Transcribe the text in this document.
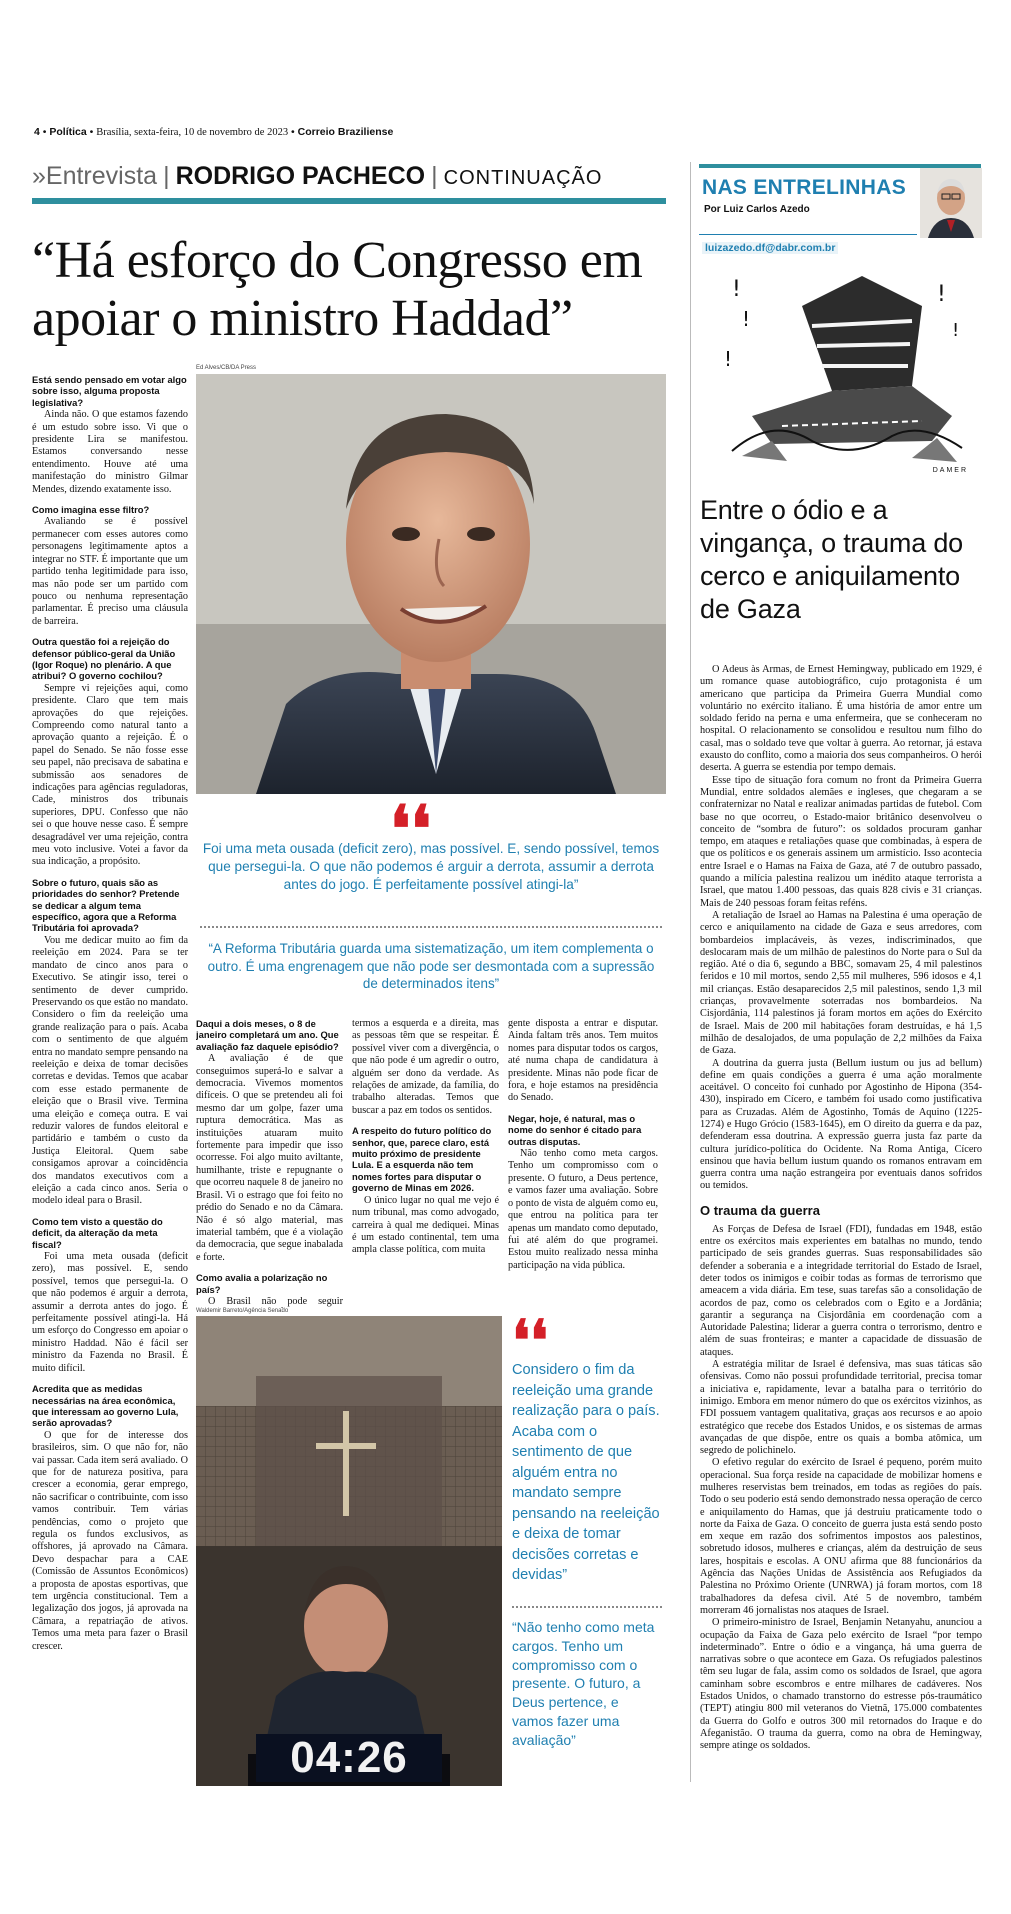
4 • Política • Brasília, sexta-feira, 10 de novembro de 2023 • Correio Braziliense
»Entrevista | RODRIGO PACHECO | CONTINUAÇÃO
“Há esforço do Congresso em apoiar o ministro Haddad”
Está sendo pensado em votar algo sobre isso, alguma proposta legislativa?

Ainda não. O que estamos fazendo é um estudo sobre isso. Vi que o presidente Lira se manifestou. Estamos conversando nesse entendimento. Houve até uma manifestação do ministro Gilmar Mendes, dizendo exatamente isso.

Como imagina esse filtro?

Avaliando se é possível permanecer com esses autores como personagens legitimamente aptos a integrar no STF. É importante que um partido tenha legitimidade para isso, mas não pode ser um partido com pouco ou nenhuma representação parlamentar. É preciso uma cláusula de barreira.

Outra questão foi a rejeição do defensor público-geral da União (Igor Roque) no plenário. A que atribui? O governo cochilou?

Sempre vi rejeições aqui, como presidente. Claro que tem mais aprovações do que rejeições. Compreendo como natural tanto a aprovação quanto a rejeição. É o papel do Senado. Se não fosse esse seu papel, não precisava de sabatina e submissão aos senadores de indicações para agências reguladoras, Cade, ministros dos tribunais superiores, DPU. Confesso que não sei o que houve nesse caso. É sempre desagradável ver uma rejeição, contra meu voto inclusive. Votei a favor da sua indicação, a propósito.

Sobre o futuro, quais são as prioridades do senhor? Pretende se dedicar a algum tema específico, agora que a Reforma Tributária foi aprovada?

Vou me dedicar muito ao fim da reeleição em 2024. Para se ter mandato de cinco anos para o Executivo. Se atingir isso, terei o sentimento de dever cumprido. Preservando os que estão no mandato. Considero o fim da reeleição uma grande realização para o país. Acaba com o sentimento de que alguém entra no mandato sempre pensando na reeleição e deixa de tomar decisões corretas e devidas. Temos que acabar com esse estado permanente de eleição que o Brasil vive. Termina uma eleição e começa outra. E vai reduzir valores de fundos eleitoral e partidário e também o custo da Justiça Eleitoral. Quem sabe consigamos aprovar a coincidência dos mandatos executivos com a eleição a cada cinco anos. Seria o modelo ideal para o Brasil.

Como tem visto a questão do deficit, da alteração da meta fiscal?

Foi uma meta ousada (deficit zero), mas possível. E, sendo possível, temos que persegui-la. O que não podemos é arguir a derrota, assumir a derrota antes do jogo. É perfeitamente possível atingi-la. Há um esforço do Congresso em apoiar o ministro Haddad. Não é fácil ser ministro da Fazenda no Brasil. É muito difícil.

Acredita que as medidas necessárias na área econômica, que interessam ao governo Lula, serão aprovadas?

O que for de interesse dos brasileiros, sim. O que não for, não vai passar. Cada item será avaliado. O que for de natureza positiva, para crescer a economia, gerar emprego, não sacrificar o contribuinte, com isso vamos contribuir. Tem várias pendências, como o projeto que regula os fundos exclusivos, as offshores, já aprovado na Câmara. Devo despachar para a CAE (Comissão de Assuntos Econômicos) a proposta de apostas esportivas, que tem urgência constitucional. Tem a legalização dos jogos, já aprovada na Câmara, a repatriação de ativos. Temos uma meta para fazer o Brasil crescer.

Ed Alves/CB/DA Press
❛❛
Foi uma meta ousada (deficit zero), mas possível. E, sendo possível, temos que persegui-la. O que não podemos é arguir a derrota, assumir a derrota antes do jogo. É perfeitamente possível atingi-la”
“A Reforma Tributária guarda uma sistematização, um item complementa o outro. É uma engrenagem que não pode ser desmontada com a supressão de determinados itens”
Daqui a dois meses, o 8 de janeiro completará um ano. Que avaliação faz daquele episódio?

A avaliação é de que conseguimos superá-lo e salvar a democracia. Vivemos momentos difíceis. O que se pretendeu ali foi mesmo dar um golpe, fazer uma ruptura democrática. Mas as instituições atuaram muito fortemente para impedir que isso ocorresse. Foi algo muito aviltante, humilhante, triste e repugnante o que ocorreu naquele 8 de janeiro no Brasil. Vi o estrago que foi feito no prédio do Senado e no da Câmara. Não é só algo material, mas imaterial também, que é a violação da democracia, que segue inabalada e forte.

Como avalia a polarização no país?

O Brasil não pode seguir

termos a esquerda e a direita, mas as pessoas têm que se respeitar. É possível viver com a divergência, o que não pode é um agredir o outro, alguém ser dono da verdade. As relações de amizade, da família, do trabalho alteradas. Temos que buscar a paz em todos os sentidos.

A respeito do futuro político do senhor, que, parece claro, está muito próximo de presidente Lula. E a esquerda não tem nomes fortes para disputar o governo de Minas em 2026.

O único lugar no qual me vejo é num tribunal, mas como advogado, carreira à qual me dediquei. Minas é um estado continental, tem uma ampla classe política, com muita

gente disposta a entrar e disputar. Ainda faltam três anos. Tem muitos nomes para disputar todos os cargos, até numa chapa de candidatura à presidente. Minas não pode ficar de fora, e hoje estamos na presidência do Senado.

Negar, hoje, é natural, mas o nome do senhor é citado para outras disputas.

Não tenho como meta cargos. Tenho um compromisso com o presente. O futuro, a Deus pertence, e vamos fazer uma avaliação. Sobre o ponto de vista de alguém como eu, que entrou na política para ter apenas um mandato como deputado, fui até além do que programei. Estou muito realizado nessa minha participação na vida pública.

Waldemir Barreto/Agência Senado
04:26
❛❛
Considero o fim da reeleição uma grande realização para o país. Acaba com o sentimento de que alguém entra no mandato sempre pensando na reeleição e deixa de tomar decisões corretas e devidas”
“Não tenho como meta cargos. Tenho um compromisso com o presente. O futuro, a Deus pertence, e vamos fazer uma avaliação”
NAS ENTRELINHAS
Por Luiz Carlos Azedo
luizazedo.df@dabr.com.br
!
!
!
!
!
DAMER
Entre o ódio e a vingança, o trauma do cerco e aniquilamento de Gaza

O Adeus às Armas, de Ernest Hemingway, publicado em 1929, é um romance quase autobiográfico, cujo protagonista é um americano que participa da Primeira Guerra Mundial como voluntário no exército italiano. É uma história de amor entre um soldado ferido na perna e uma enfermeira, que se conheceram no hospital. O relacionamento se consolidou e resultou num filho do casal, mas o soldado teve que voltar à guerra. Ao retornar, já estava exausto do conflito, como a maioria dos seus companheiros. O herói deserta. A guerra se estendia por tempo demais.

Esse tipo de situação fora comum no front da Primeira Guerra Mundial, entre soldados alemães e ingleses, que chegaram a se confraternizar no Natal e realizar animadas partidas de futebol. Com base no que ocorreu, o Estado-maior britânico desenvolveu o conceito de “sombra de futuro”: os soldados procuram ganhar tempo, em ataques e retaliações quase que combinadas, à espera de que os políticos e os generais assinem um armistício. Isso acontecia entre Israel e o Hamas na Faixa de Gaza, até 7 de outubro passado, quando a milícia palestina realizou um inédito ataque terrorista a Israel, que matou 1.400 pessoas, das quais 828 civis e 31 crianças. Mais de 240 pessoas foram feitas reféns.

A retaliação de Israel ao Hamas na Palestina é uma operação de cerco e aniquilamento na cidade de Gaza e seus arredores, com bombardeios implacáveis, às vezes, indiscriminados, que deslocaram mais de um milhão de palestinos do Norte para o Sul da região. Até o dia 6, segundo a BBC, somavam 25, 4 mil palestinos feridos e 10 mil mortos, sendo 2,55 mil mulheres, 596 idosos e 4,1 mil crianças. Estão desaparecidos 2,5 mil palestinos, sendo 1,3 mil crianças, provavelmente soterradas nos bombardeios. Na Cisjordânia, 114 palestinos já foram mortos em ações do Exército de Israel. Mais de 200 mil habitações foram destruídas, e há 1,5 milhão de desalojados, de uma população de 2,2 milhões da Faixa de Gaza.

A doutrina da guerra justa (Bellum iustum ou jus ad bellum) define em quais condições a guerra é uma ação moralmente aceitável. O conceito foi cunhado por Agostinho de Hipona (354-430), inspirado em Cícero, e também foi usado como justificativa para as Cruzadas. Além de Agostinho, Tomás de Aquino (1225-1274) e Hugo Grócio (1583-1645), em O direito da guerra e da paz, defenderam essa doutrina. A expressão guerra justa faz parte da cultura jurídico-política do Ocidente. Na Roma Antiga, Cícero ensinou que havia bellum iustum quando os romanos entravam em guerra contra uma nação estrangeira por eventuais danos sofridos ou temidos.

O trauma da guerra

As Forças de Defesa de Israel (FDI), fundadas em 1948, estão entre os exércitos mais experientes em batalhas no mundo, tendo participado de seis grandes guerras. Suas responsabilidades são defender a soberania e a integridade territorial do Estado de Israel, deter todos os inimigos e coibir todas as formas de terrorismo que ameacem a vida diária. Em tese, suas tarefas são a consolidação de acordos de paz, como os celebrados com o Egito e a Jordânia; garantir a segurança na Cisjordânia em coordenação com a Autoridade Palestina; liderar a guerra contra o terrorismo, dentro e além de suas fronteiras; e manter a capacidade de dissuasão de ataques.

A estratégia militar de Israel é defensiva, mas suas táticas são ofensivas. Como não possui profundidade territorial, precisa tomar a iniciativa e, rapidamente, levar a batalha para o território do inimigo. Embora em menor número do que os exércitos vizinhos, as FDI possuem vantagem qualitativa, graças aos recursos e ao apoio estratégico que recebe dos Estados Unidos, e os sistemas de armas avançadas de que dispõe, entre os quais a bomba atômica, um segredo de polichinelo.

O efetivo regular do exército de Israel é pequeno, porém muito operacional. Sua força reside na capacidade de mobilizar homens e mulheres reservistas bem treinados, em todas as regiões do país. Todo o seu poderio está sendo demonstrado nessa operação de cerco e aniquilamento do Hamas, que já destruiu praticamente todo o norte da Faixa de Gaza. O conceito de guerra justa está sendo posto em xeque em razão dos sofrimentos impostos aos palestinos, sobretudo idosos, mulheres e crianças, além da destruição de seus lares, hospitais e escolas. A ONU afirma que 88 funcionários da Agência das Nações Unidas de Assistência aos Refugiados da Palestina no Próximo Oriente (UNRWA) já foram mortos, com 18 trabalhadores da defesa civil. Até 5 de novembro, também morreram 46 jornalistas nos ataques de Israel.

O primeiro-ministro de Israel, Benjamin Netanyahu, anunciou a ocupação da Faixa de Gaza pelo exército de Israel “por tempo indeterminado”. Entre o ódio e a vingança, há uma guerra de narrativas sobre o que acontece em Gaza. Os refugiados palestinos têm seu lugar de fala, assim como os soldados de Israel, que agora caminham sobre escombros e entre milhares de cadáveres. Nos Estados Unidos, o chamado transtorno do estresse pós-traumático (TEPT) atingiu 800 mil veteranos do Vietnã, 175.000 combatentes da Guerra do Golfo e outros 300 mil retornados do Iraque e do Afeganistão. O trauma da guerra, como na obra de Hemingway, sempre atinge os soldados.
